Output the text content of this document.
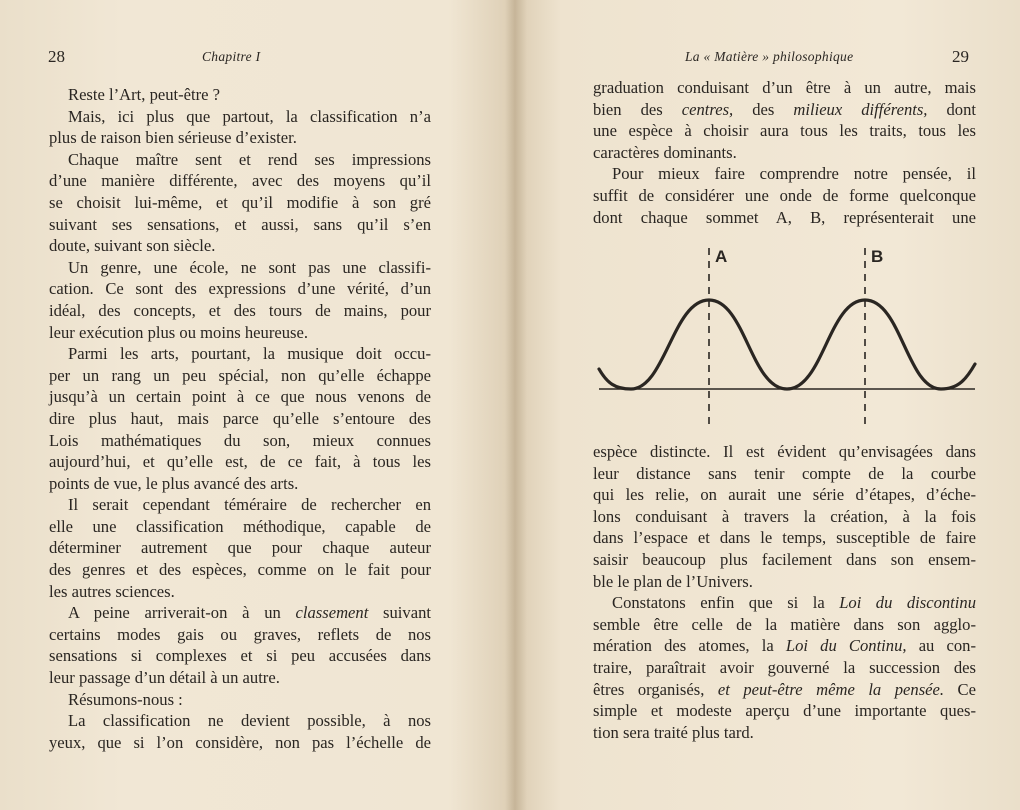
28	Chapitre I
Reste l’Art, peut-être ?
Mais, ici plus que partout, la classification n’a
plus de raison bien sérieuse d’exister.
Chaque maître sent et rend ses impressions
d’une manière différente, avec des moyens qu’il
se choisit lui-même, et qu’il modifie à son gré
suivant ses sensations, et aussi, sans qu’il s’en
doute, suivant son siècle.
Un genre, une école, ne sont pas une classifi-
cation. Ce sont des expressions d’une vérité, d’un
idéal, des concepts, et des tours de mains, pour
leur exécution plus ou moins heureuse.
Parmi les arts, pourtant, la musique doit occu-
per un rang un peu spécial, non qu’elle échappe
jusqu’à un certain point à ce que nous venons de
dire plus haut, mais parce qu’elle s’entoure des
Lois mathématiques du son, mieux connues
aujourd’hui, et qu’elle est, de ce fait, à tous les
points de vue, le plus avancé des arts.
Il serait cependant téméraire de rechercher en
elle une classification méthodique, capable de
déterminer autrement que pour chaque auteur
des genres et des espèces, comme on le fait pour
les autres sciences.
A peine arriverait-on à un classement suivant
certains modes gais ou graves, reflets de nos
sensations si complexes et si peu accusées dans
leur passage d’un détail à un autre.
Résumons-nous :
La classification ne devient possible, à nos
yeux, que si l’on considère, non pas l’échelle de
La « Matière » philosophique	29
graduation conduisant d’un être à un autre, mais
bien des centres, des milieux différents, dont
une espèce à choisir aura tous les traits, tous les
caractères dominants.
Pour mieux faire comprendre notre pensée, il
suffit de considérer une onde de forme quelconque
dont chaque sommet A, B, représenterait une
A	B
espèce distincte. Il est évident qu’envisagées dans
leur distance sans tenir compte de la courbe
qui les relie, on aurait une série d’étapes, d’éche-
lons conduisant à travers la création, à la fois
dans l’espace et dans le temps, susceptible de faire
saisir beaucoup plus facilement dans son ensem-
ble le plan de l’Univers.
Constatons enfin que si la Loi du discontinu
semble être celle de la matière dans son agglo-
mération des atomes, la Loi du Continu, au con-
traire, paraîtrait avoir gouverné la succession des
êtres organisés, et peut-être même la pensée. Ce
simple et modeste aperçu d’une importante ques-
tion sera traité plus tard.
